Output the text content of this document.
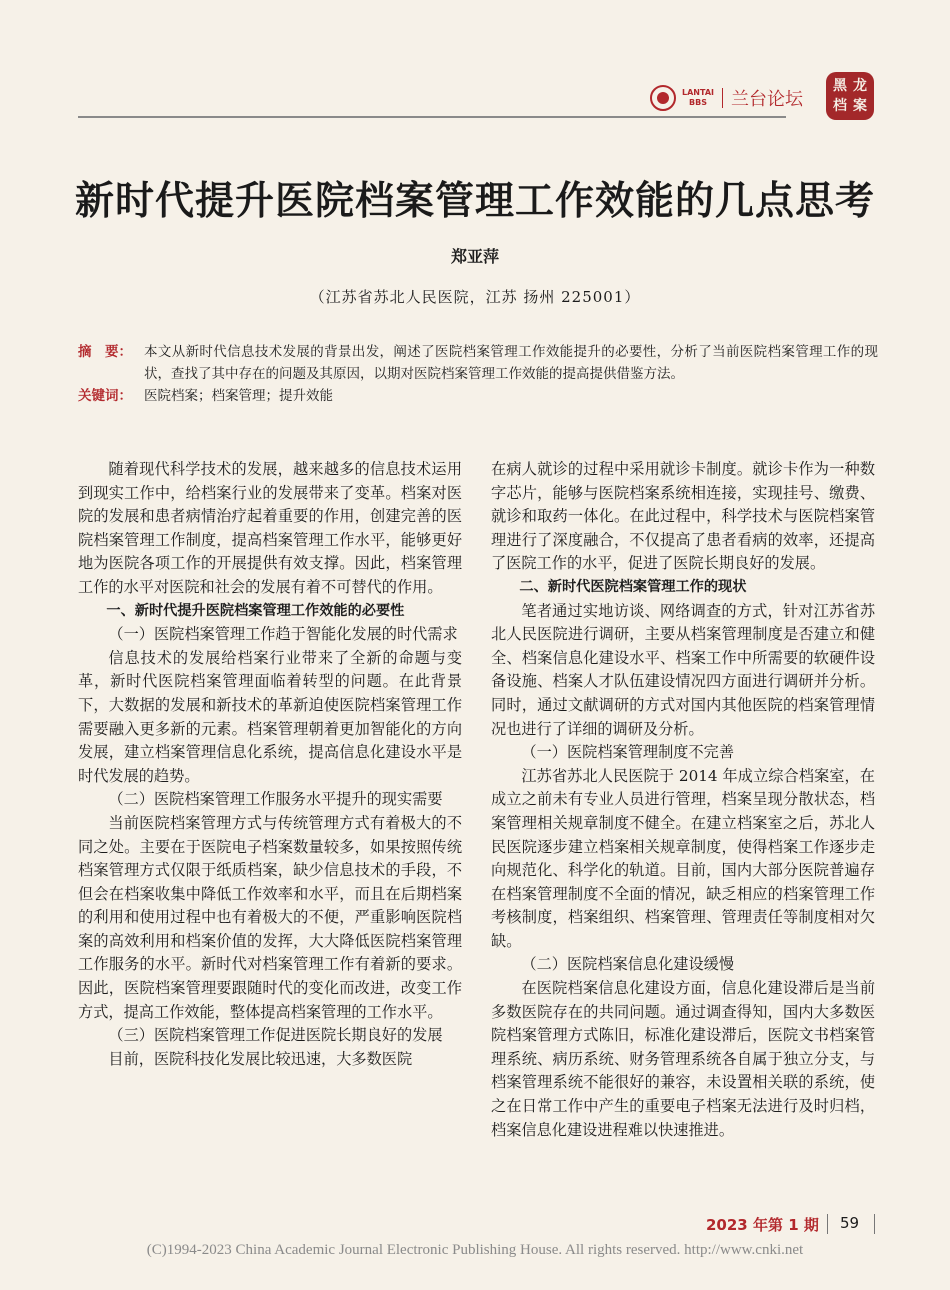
LANTAI
BBS	兰台论坛
黑 龙
档 案
新时代提升医院档案管理工作效能的几点思考
郑亚萍
（江苏省苏北人民医院，江苏 扬州 225001）
摘　要： 本文从新时代信息技术发展的背景出发，阐述了医院档案管理工作效能提升的必要性，分析了当前医院档案管理工作的现状，查找了其中存在的问题及其原因，以期对医院档案管理工作效能的提高提供借鉴方法。
关键词： 医院档案；档案管理；提升效能

随着现代科学技术的发展，越来越多的信息技术运用到现实工作中，给档案行业的发展带来了变革。档案对医院的发展和患者病情治疗起着重要的作用，创建完善的医院档案管理工作制度，提高档案管理工作水平，能够更好地为医院各项工作的开展提供有效支撑。因此，档案管理工作的水平对医院和社会的发展有着不可替代的作用。

一、新时代提升医院档案管理工作效能的必要性

（一）医院档案管理工作趋于智能化发展的时代需求

信息技术的发展给档案行业带来了全新的命题与变革，新时代医院档案管理面临着转型的问题。在此背景下，大数据的发展和新技术的革新迫使医院档案管理工作需要融入更多新的元素。档案管理朝着更加智能化的方向发展，建立档案管理信息化系统，提高信息化建设水平是时代发展的趋势。

（二）医院档案管理工作服务水平提升的现实需要

当前医院档案管理方式与传统管理方式有着极大的不同之处。主要在于医院电子档案数量较多，如果按照传统档案管理方式仅限于纸质档案，缺少信息技术的手段，不但会在档案收集中降低工作效率和水平，而且在后期档案的利用和使用过程中也有着极大的不便，严重影响医院档案的高效利用和档案价值的发挥，大大降低医院档案管理工作服务的水平。新时代对档案管理工作有着新的要求。因此，医院档案管理要跟随时代的变化而改进，改变工作方式，提高工作效能，整体提高档案管理的工作水平。

（三）医院档案管理工作促进医院长期良好的发展

目前，医院科技化发展比较迅速，大多数医院

在病人就诊的过程中采用就诊卡制度。就诊卡作为一种数字芯片，能够与医院档案系统相连接，实现挂号、缴费、就诊和取药一体化。在此过程中，科学技术与医院档案管理进行了深度融合，不仅提高了患者看病的效率，还提高了医院工作的水平，促进了医院长期良好的发展。

二、新时代医院档案管理工作的现状

笔者通过实地访谈、网络调查的方式，针对江苏省苏北人民医院进行调研，主要从档案管理制度是否建立和健全、档案信息化建设水平、档案工作中所需要的软硬件设备设施、档案人才队伍建设情况四方面进行调研并分析。同时，通过文献调研的方式对国内其他医院的档案管理情况也进行了详细的调研及分析。

（一）医院档案管理制度不完善

江苏省苏北人民医院于 2014 年成立综合档案室，在成立之前未有专业人员进行管理，档案呈现分散状态，档案管理相关规章制度不健全。在建立档案室之后，苏北人民医院逐步建立档案相关规章制度，使得档案工作逐步走向规范化、科学化的轨道。目前，国内大部分医院普遍存在档案管理制度不全面的情况，缺乏相应的档案管理工作考核制度，档案组织、档案管理、管理责任等制度相对欠缺。

（二）医院档案信息化建设缓慢

在医院档案信息化建设方面，信息化建设滞后是当前多数医院存在的共同问题。通过调查得知，国内大多数医院档案管理方式陈旧，标准化建设滞后，医院文书档案管理系统、病历系统、财务管理系统各自属于独立分支，与档案管理系统不能很好的兼容，未设置相关联的系统，使之在日常工作中产生的重要电子档案无法进行及时归档，档案信息化建设进程难以快速推进。

2023 年第 1 期 59
(C)1994-2023 China Academic Journal Electronic Publishing House. All rights reserved. http://www.cnki.net
